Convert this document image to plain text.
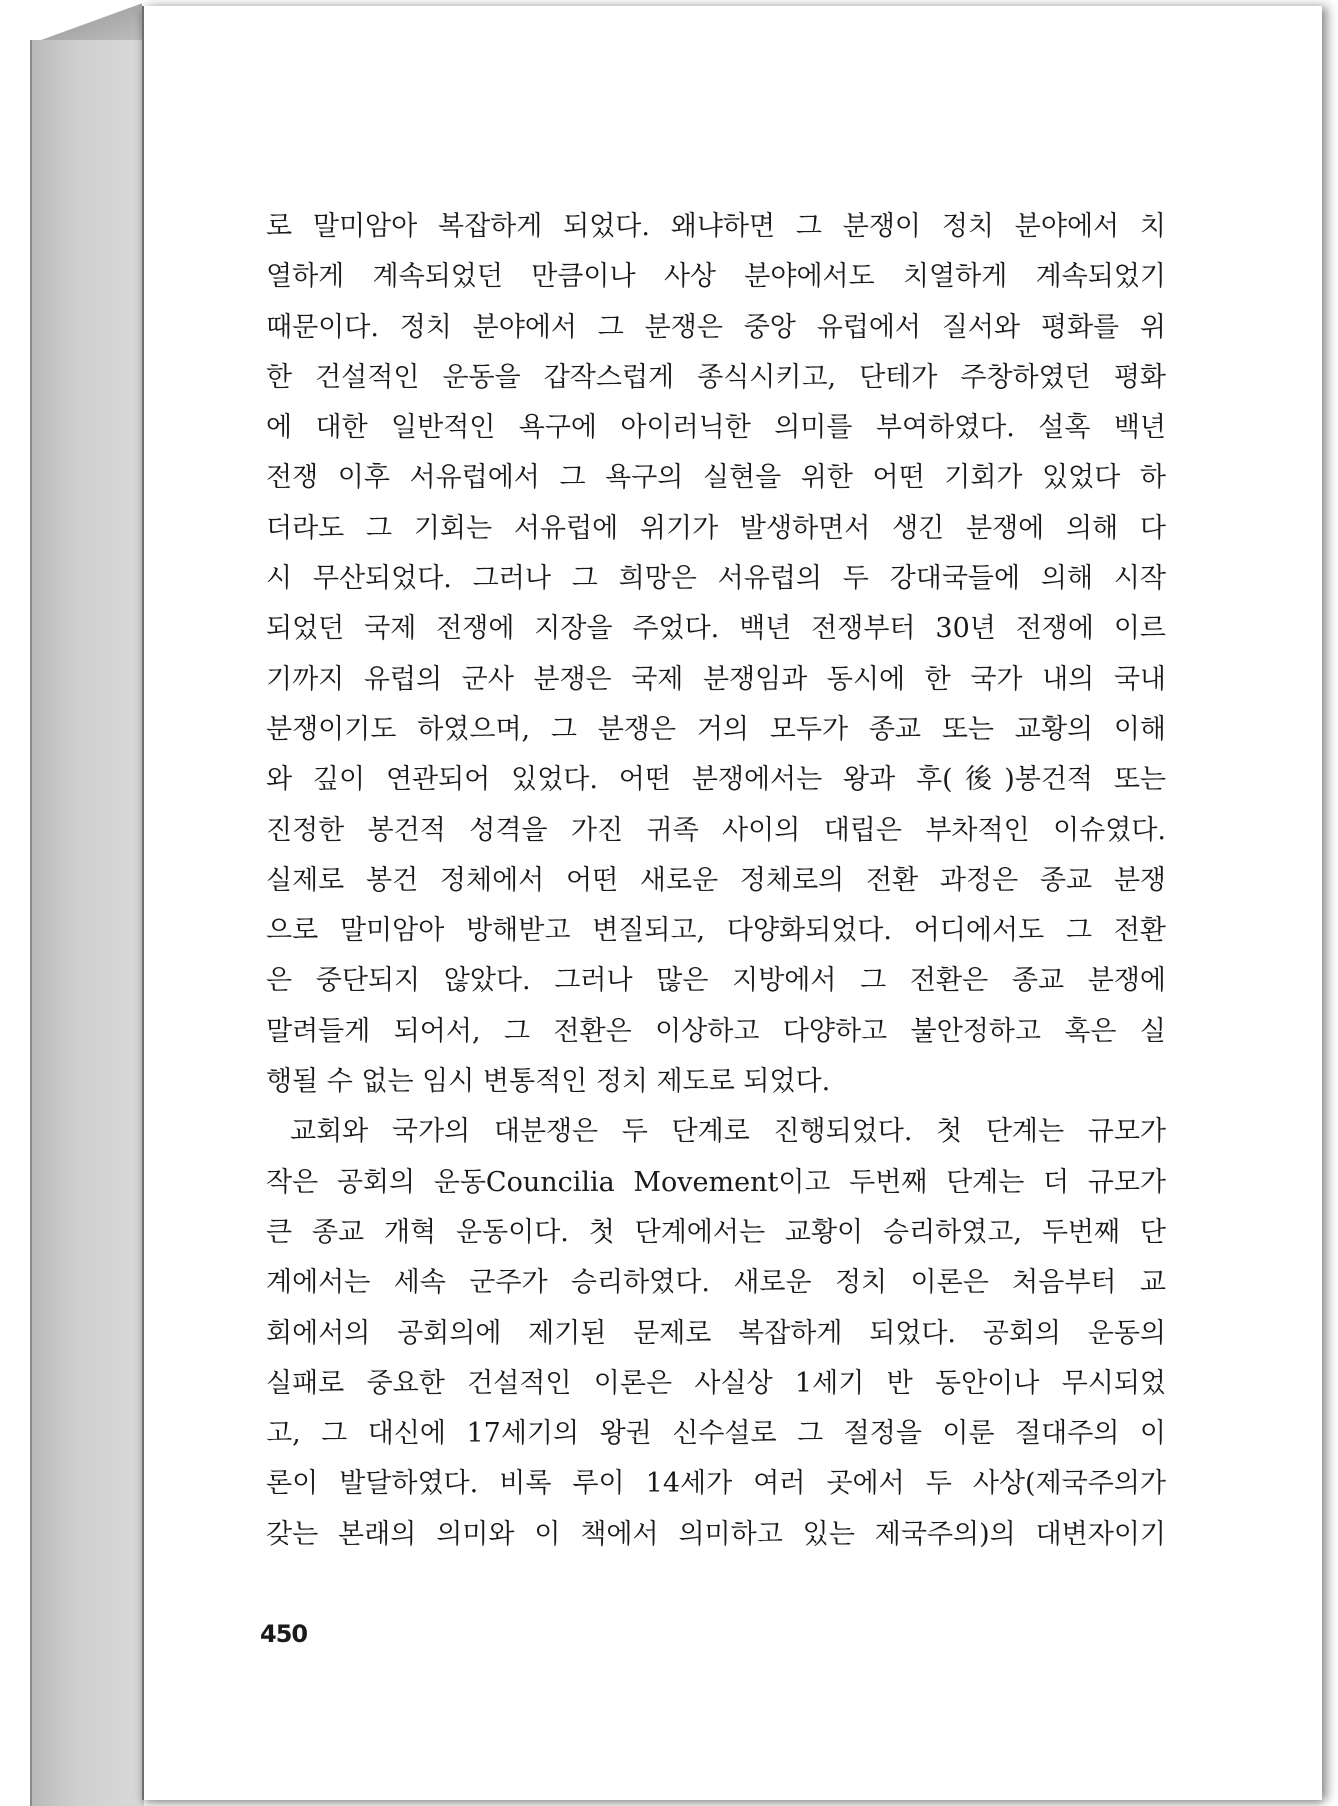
로 말미암아 복잡하게 되었다. 왜냐하면 그 분쟁이 정치 분야에서 치
열하게 계속되었던 만큼이나 사상 분야에서도 치열하게 계속되었기
때문이다. 정치 분야에서 그 분쟁은 중앙 유럽에서 질서와 평화를 위
한 건설적인 운동을 갑작스럽게 종식시키고, 단테가 주창하였던 평화
에 대한 일반적인 욕구에 아이러닉한 의미를 부여하였다. 설혹 백년
전쟁 이후 서유럽에서 그 욕구의 실현을 위한 어떤 기회가 있었다 하
더라도 그 기회는 서유럽에 위기가 발생하면서 생긴 분쟁에 의해 다
시 무산되었다. 그러나 그 희망은 서유럽의 두 강대국들에 의해 시작
되었던 국제 전쟁에 지장을 주었다. 백년 전쟁부터 30년 전쟁에 이르
기까지 유럽의 군사 분쟁은 국제 분쟁임과 동시에 한 국가 내의 국내
분쟁이기도 하였으며, 그 분쟁은 거의 모두가 종교 또는 교황의 이해
와 깊이 연관되어 있었다. 어떤 분쟁에서는 왕과 후(後)봉건적 또는
진정한 봉건적 성격을 가진 귀족 사이의 대립은 부차적인 이슈였다.
실제로 봉건 정체에서 어떤 새로운 정체로의 전환 과정은 종교 분쟁
으로 말미암아 방해받고 변질되고, 다양화되었다. 어디에서도 그 전환
은 중단되지 않았다. 그러나 많은 지방에서 그 전환은 종교 분쟁에
말려들게 되어서, 그 전환은 이상하고 다양하고 불안정하고 혹은 실
행될 수 없는 임시 변통적인 정치 제도로 되었다.
교회와 국가의 대분쟁은 두 단계로 진행되었다. 첫 단계는 규모가
작은 공회의 운동Councilia Movement이고 두번째 단계는 더 규모가
큰 종교 개혁 운동이다. 첫 단계에서는 교황이 승리하였고, 두번째 단
계에서는 세속 군주가 승리하였다. 새로운 정치 이론은 처음부터 교
회에서의 공회의에 제기된 문제로 복잡하게 되었다. 공회의 운동의
실패로 중요한 건설적인 이론은 사실상 1세기 반 동안이나 무시되었
고, 그 대신에 17세기의 왕권 신수설로 그 절정을 이룬 절대주의 이
론이 발달하였다. 비록 루이 14세가 여러 곳에서 두 사상(제국주의가
갖는 본래의 의미와 이 책에서 의미하고 있는 제국주의)의 대변자이기
450
